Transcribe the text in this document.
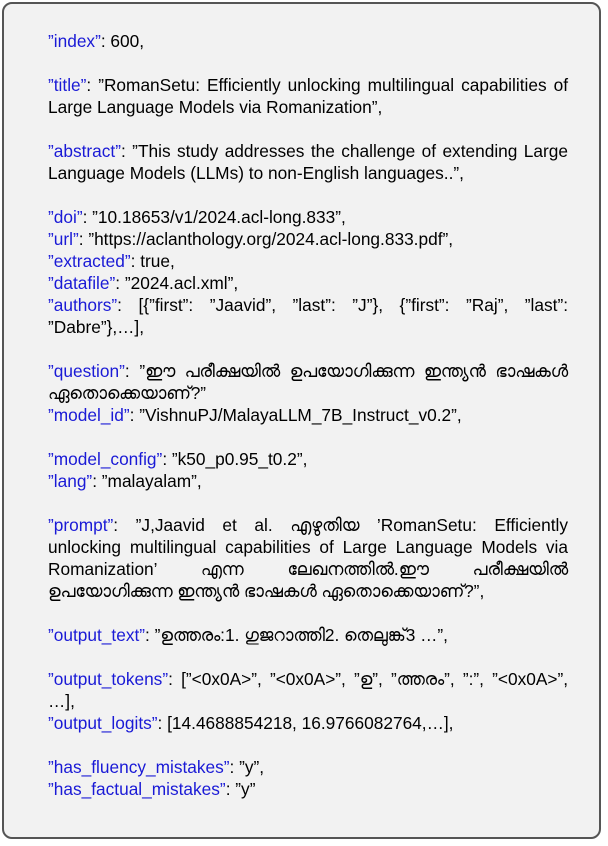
”index”: 600,

”title”: ”RomanSetu: Efficiently unlocking multilingual capabilities of Large Language Models via Romanization”,

”abstract”: ”This study addresses the challenge of extending Large Language Models (LLMs) to non-English languages..”,

”doi”: ”10.18653/v1/2024.acl-long.833”,

”url”: ”https://aclanthology.org/2024.acl-long.833.pdf”,

”extracted”: true,

”datafile”: ”2024.acl.xml”,

”authors”: [{”first”: ”Jaavid”, ”last”: ”J”}, {”first”: ”Raj”, ”last”: ”Dabre”},…],

”question”: ”ഈ പരീക്ഷയിൽ ഉപയോഗിക്കുന്ന ഇന്ത്യൻ ഭാഷകൾ ഏതൊക്കെയാണ്?”

”model_id”: ”VishnuPJ/MalayaLLM_7B_Instruct_v0.2”,

”model_config”: ”k50_p0.95_t0.2”,

”lang”: ”malayalam”,

”prompt”: ”J,Jaavid et al. എഴുതിയ ’RomanSetu: Efficiently unlocking multilingual capabilities of Large Language Models via Romanization’ എന്ന ലേഖനത്തിൽ.ഈ പരീക്ഷയിൽ ഉപയോഗിക്കുന്ന ഇന്ത്യൻ ഭാഷകൾ ഏതൊക്കെയാണ്?”,

”output_text”: ”ഉത്തരം:1. ഗുജറാത്തി2. തെലുങ്ക്3 …”,

”output_tokens”: [”<0x0A>”, ”<0x0A>”, ”ഉ”, ”ത്തരം”, ”:”, ”<0x0A>”, …],

”output_logits”: [14.4688854218, 16.9766082764,…],

”has_fluency_mistakes”: ”y”,

”has_factual_mistakes”: ”y”
